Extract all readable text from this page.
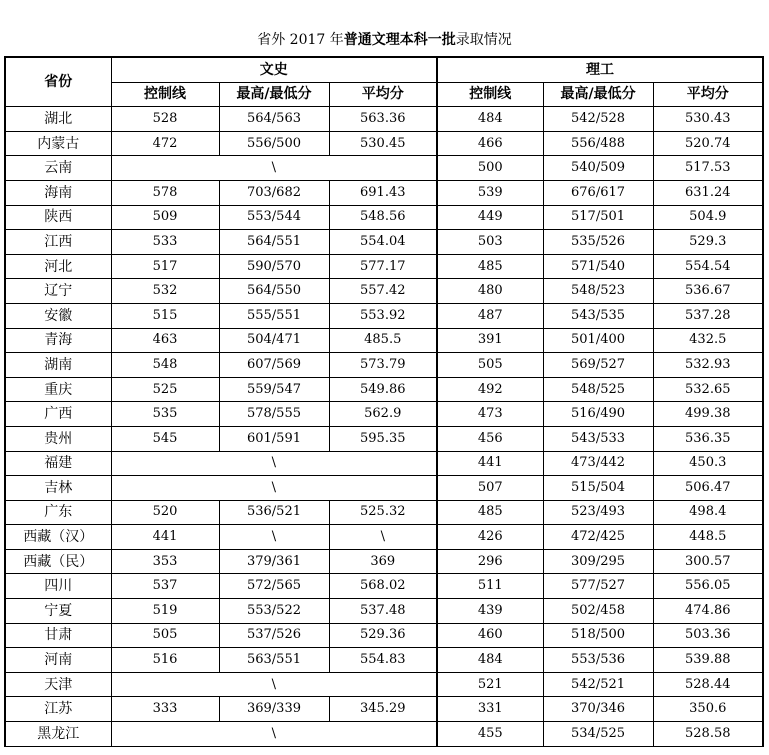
省外 2017 年普通文理本科一批录取情况
省份	文史			理工		
	控制线	最高/最低分	平均分	控制线	最高/最低分	平均分
湖北	528	564/563	563.36	484	542/528	530.43
内蒙古	472	556/500	530.45	466	556/488	520.74
云南	\			500	540/509	517.53
海南	578	703/682	691.43	539	676/617	631.24
陕西	509	553/544	548.56	449	517/501	504.9
江西	533	564/551	554.04	503	535/526	529.3
河北	517	590/570	577.17	485	571/540	554.54
辽宁	532	564/550	557.42	480	548/523	536.67
安徽	515	555/551	553.92	487	543/535	537.28
青海	463	504/471	485.5	391	501/400	432.5
湖南	548	607/569	573.79	505	569/527	532.93
重庆	525	559/547	549.86	492	548/525	532.65
广西	535	578/555	562.9	473	516/490	499.38
贵州	545	601/591	595.35	456	543/533	536.35
福建	\			441	473/442	450.3
吉林	\			507	515/504	506.47
广东	520	536/521	525.32	485	523/493	498.4
西藏（汉）	441	\	\	426	472/425	448.5
西藏（民）	353	379/361	369	296	309/295	300.57
四川	537	572/565	568.02	511	577/527	556.05
宁夏	519	553/522	537.48	439	502/458	474.86
甘肃	505	537/526	529.36	460	518/500	503.36
河南	516	563/551	554.83	484	553/536	539.88
天津	\			521	542/521	528.44
江苏	333	369/339	345.29	331	370/346	350.6
黑龙江	\			455	534/525	528.58
